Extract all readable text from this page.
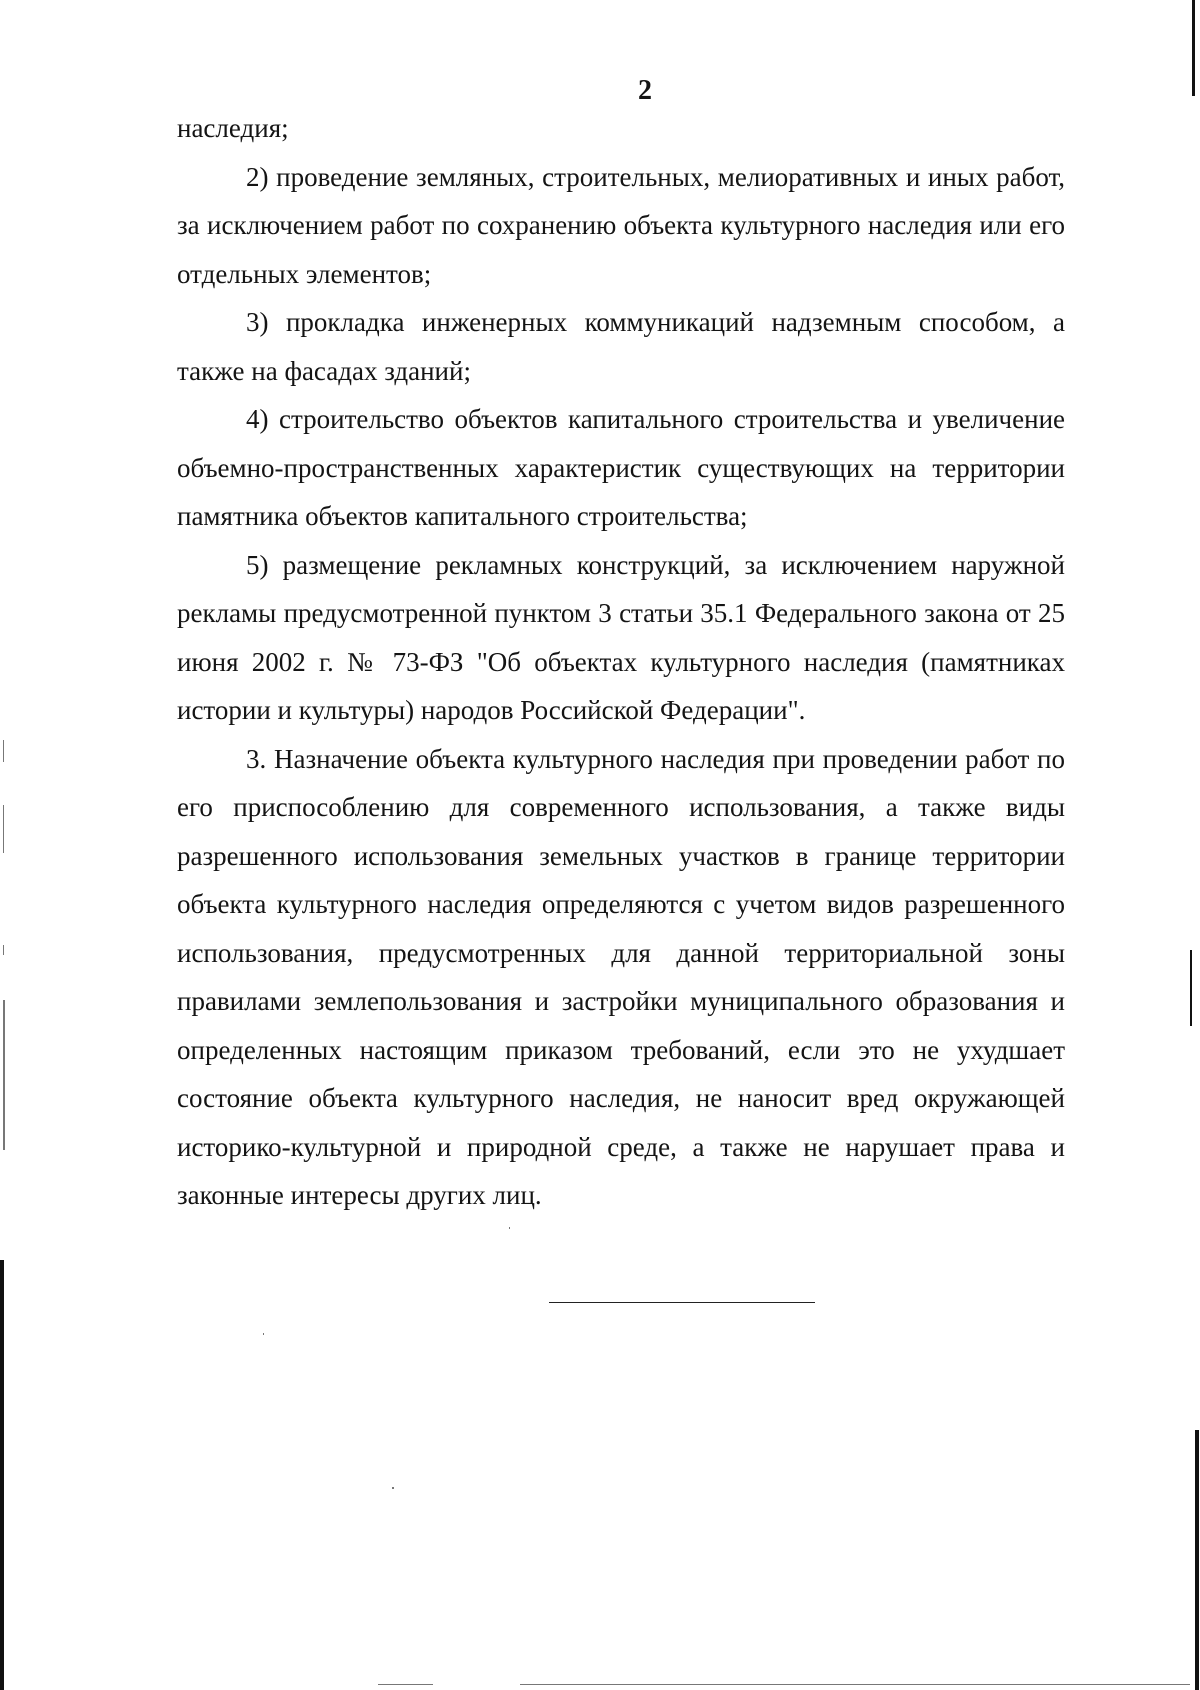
2

наследия;

2) проведение земляных, строительных, мелиоративных и иных работ, за исключением работ по сохранению объекта культурного наследия или его отдельных элементов;

3) прокладка инженерных коммуникаций надземным способом, а также на фасадах зданий;

4) строительство объектов капитального строительства и увеличение объемно-пространственных характеристик существующих на территории памятника объектов капитального строительства;

5) размещение рекламных конструкций, за исключением наружной рекламы предусмотренной пунктом 3 статьи 35.1 Федерального закона от 25 июня 2002 г. № 73-ФЗ "Об объектах культурного наследия (памятниках истории и культуры) народов Российской Федерации".

3. Назначение объекта культурного наследия при проведении работ по его приспособлению для современного использования, а также виды разрешенного использования земельных участков в границе территории объекта культурного наследия определяются с учетом видов разрешенного использования, предусмотренных для данной территориальной зоны правилами землепользования и застройки муниципального образования и определенных настоящим приказом требований, если это не ухудшает состояние объекта культурного наследия, не наносит вред окружающей историко-культурной и природной среде, а также не нарушает права и законные интересы других лиц.
